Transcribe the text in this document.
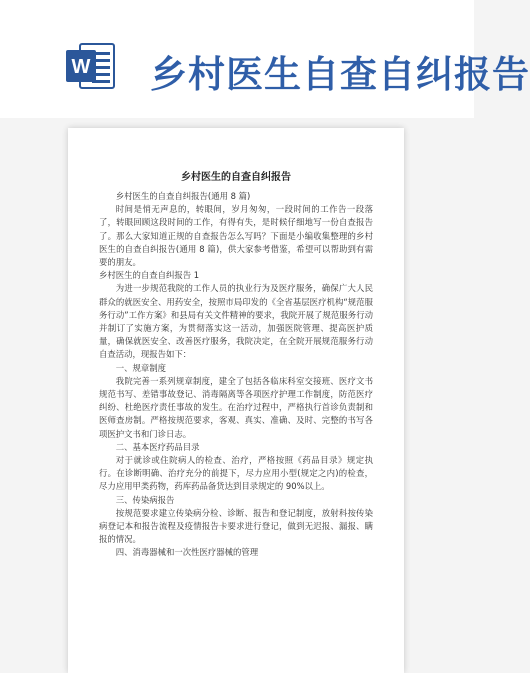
W 乡村医生自查自纠报告
乡村医生的自查自纠报告

乡村医生的自查自纠报告(通用 8 篇)

时间是悄无声息的，转眼间，岁月匆匆，一段时间的工作告一段落了，转眼回顾这段时间的工作，有得有失，是时候仔细地写一份自查报告了。那么大家知道正规的自查报告怎么写吗？下面是小编收集整理的乡村医生的自查自纠报告(通用 8 篇)，供大家参考借鉴，希望可以帮助到有需要的朋友。

乡村医生的自查自纠报告 1

为进一步规范我院的工作人员的执业行为及医疗服务，确保广大人民群众的就医安全、用药安全，按照市局印发的《全省基层医疗机构“规范服务行动”工作方案》和县局有关文件精神的要求，我院开展了规范服务行动并制订了实施方案，为贯彻落实这一活动，加强医院管理、提高医护质量，确保就医安全、改善医疗服务，我院决定，在全院开展规范服务行动自查活动，现报告如下：

一、规章制度

我院完善一系列规章制度，建全了包括各临床科室交接班、医疗文书规范书写、差错事故登记、消毒隔离等各项医疗护理工作制度，防范医疗纠纷、杜绝医疗责任事故的发生。在治疗过程中，严格执行首诊负责制和医师查房制。严格按规范要求，客观、真实、准确、及时、完整的书写各项医护文书和门诊日志。

二、基本医疗药品目录

对于就诊或住院病人的检查、治疗，严格按照《药品目录》规定执行。在诊断明确、治疗充分的前提下，尽力应用小型(规定之内)的检查，尽力应用甲类药物，药库药品备货达到目录规定的 90%以上。

三、传染病报告

按规范要求建立传染病分检、诊断、报告和登记制度，放射科按传染病登记本和报告流程及疫情报告卡要求进行登记，做到无迟报、漏报、瞒报的情况。

四、消毒器械和一次性医疗器械的管理
